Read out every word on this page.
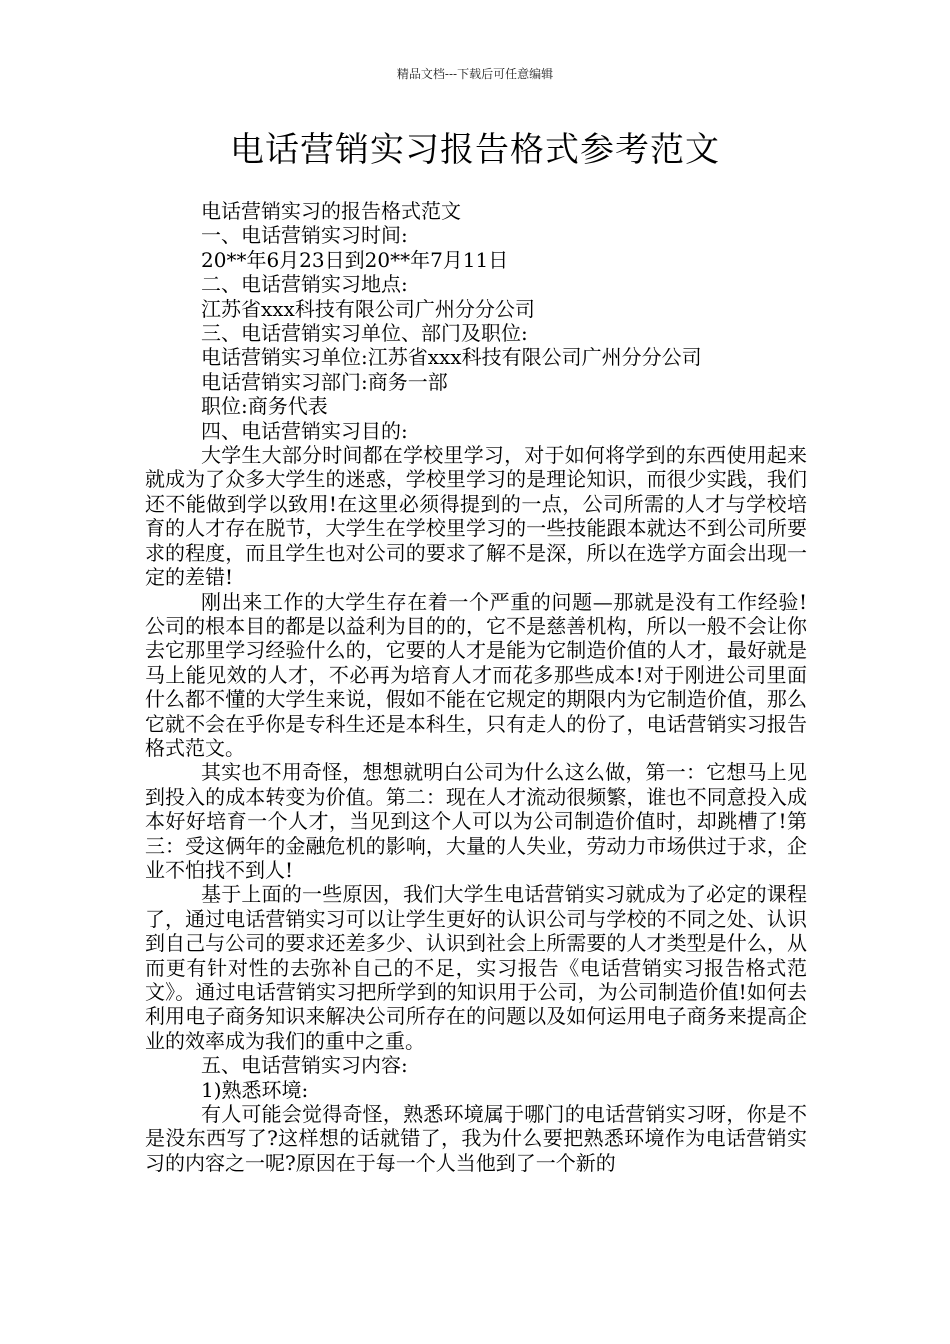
精品文档---下载后可任意编辑
电话营销实习报告格式参考范文

电话营销实习的报告格式范文

一、电话营销实习时间:

20**年6月23日到20**年7月11日

二、电话营销实习地点:

江苏省xxx科技有限公司广州分分公司

三、电话营销实习单位、部门及职位:

电话营销实习单位:江苏省xxx科技有限公司广州分分公司

电话营销实习部门:商务一部

职位:商务代表

四、电话营销实习目的:

大学生大部分时间都在学校里学习，对于如何将学到的东西使用起来就成为了众多大学生的迷惑，学校里学习的是理论知识，而很少实践，我们还不能做到学以致用!在这里必须得提到的一点，公司所需的人才与学校培育的人才存在脱节，大学生在学校里学习的一些技能跟本就达不到公司所要求的程度，而且学生也对公司的要求了解不是深，所以在选学方面会出现一定的差错!

刚出来工作的大学生存在着一个严重的问题—那就是没有工作经验!公司的根本目的都是以益利为目的的，它不是慈善机构，所以一般不会让你去它那里学习经验什么的，它要的人才是能为它制造价值的人才，最好就是马上能见效的人才，不必再为培育人才而花多那些成本!对于刚进公司里面什么都不懂的大学生来说，假如不能在它规定的期限内为它制造价值，那么它就不会在乎你是专科生还是本科生，只有走人的份了，电话营销实习报告格式范文。

其实也不用奇怪，想想就明白公司为什么这么做，第一：它想马上见到投入的成本转变为价值。第二：现在人才流动很频繁，谁也不同意投入成本好好培育一个人才，当见到这个人可以为公司制造价值时，却跳槽了!第三：受这俩年的金融危机的影响，大量的人失业，劳动力市场供过于求，企业不怕找不到人!

基于上面的一些原因，我们大学生电话营销实习就成为了必定的课程了，通过电话营销实习可以让学生更好的认识公司与学校的不同之处、认识到自己与公司的要求还差多少、认识到社会上所需要的人才类型是什么，从而更有针对性的去弥补自己的不足，实习报告《电话营销实习报告格式范文》。通过电话营销实习把所学到的知识用于公司，为公司制造价值!如何去利用电子商务知识来解决公司所存在的问题以及如何运用电子商务来提高企业的效率成为我们的重中之重。

五、电话营销实习内容:

1)熟悉环境:

有人可能会觉得奇怪，熟悉环境属于哪门的电话营销实习呀，你是不是没东西写了?这样想的话就错了，我为什么要把熟悉环境作为电话营销实习的内容之一呢?原因在于每一个人当他到了一个新的
